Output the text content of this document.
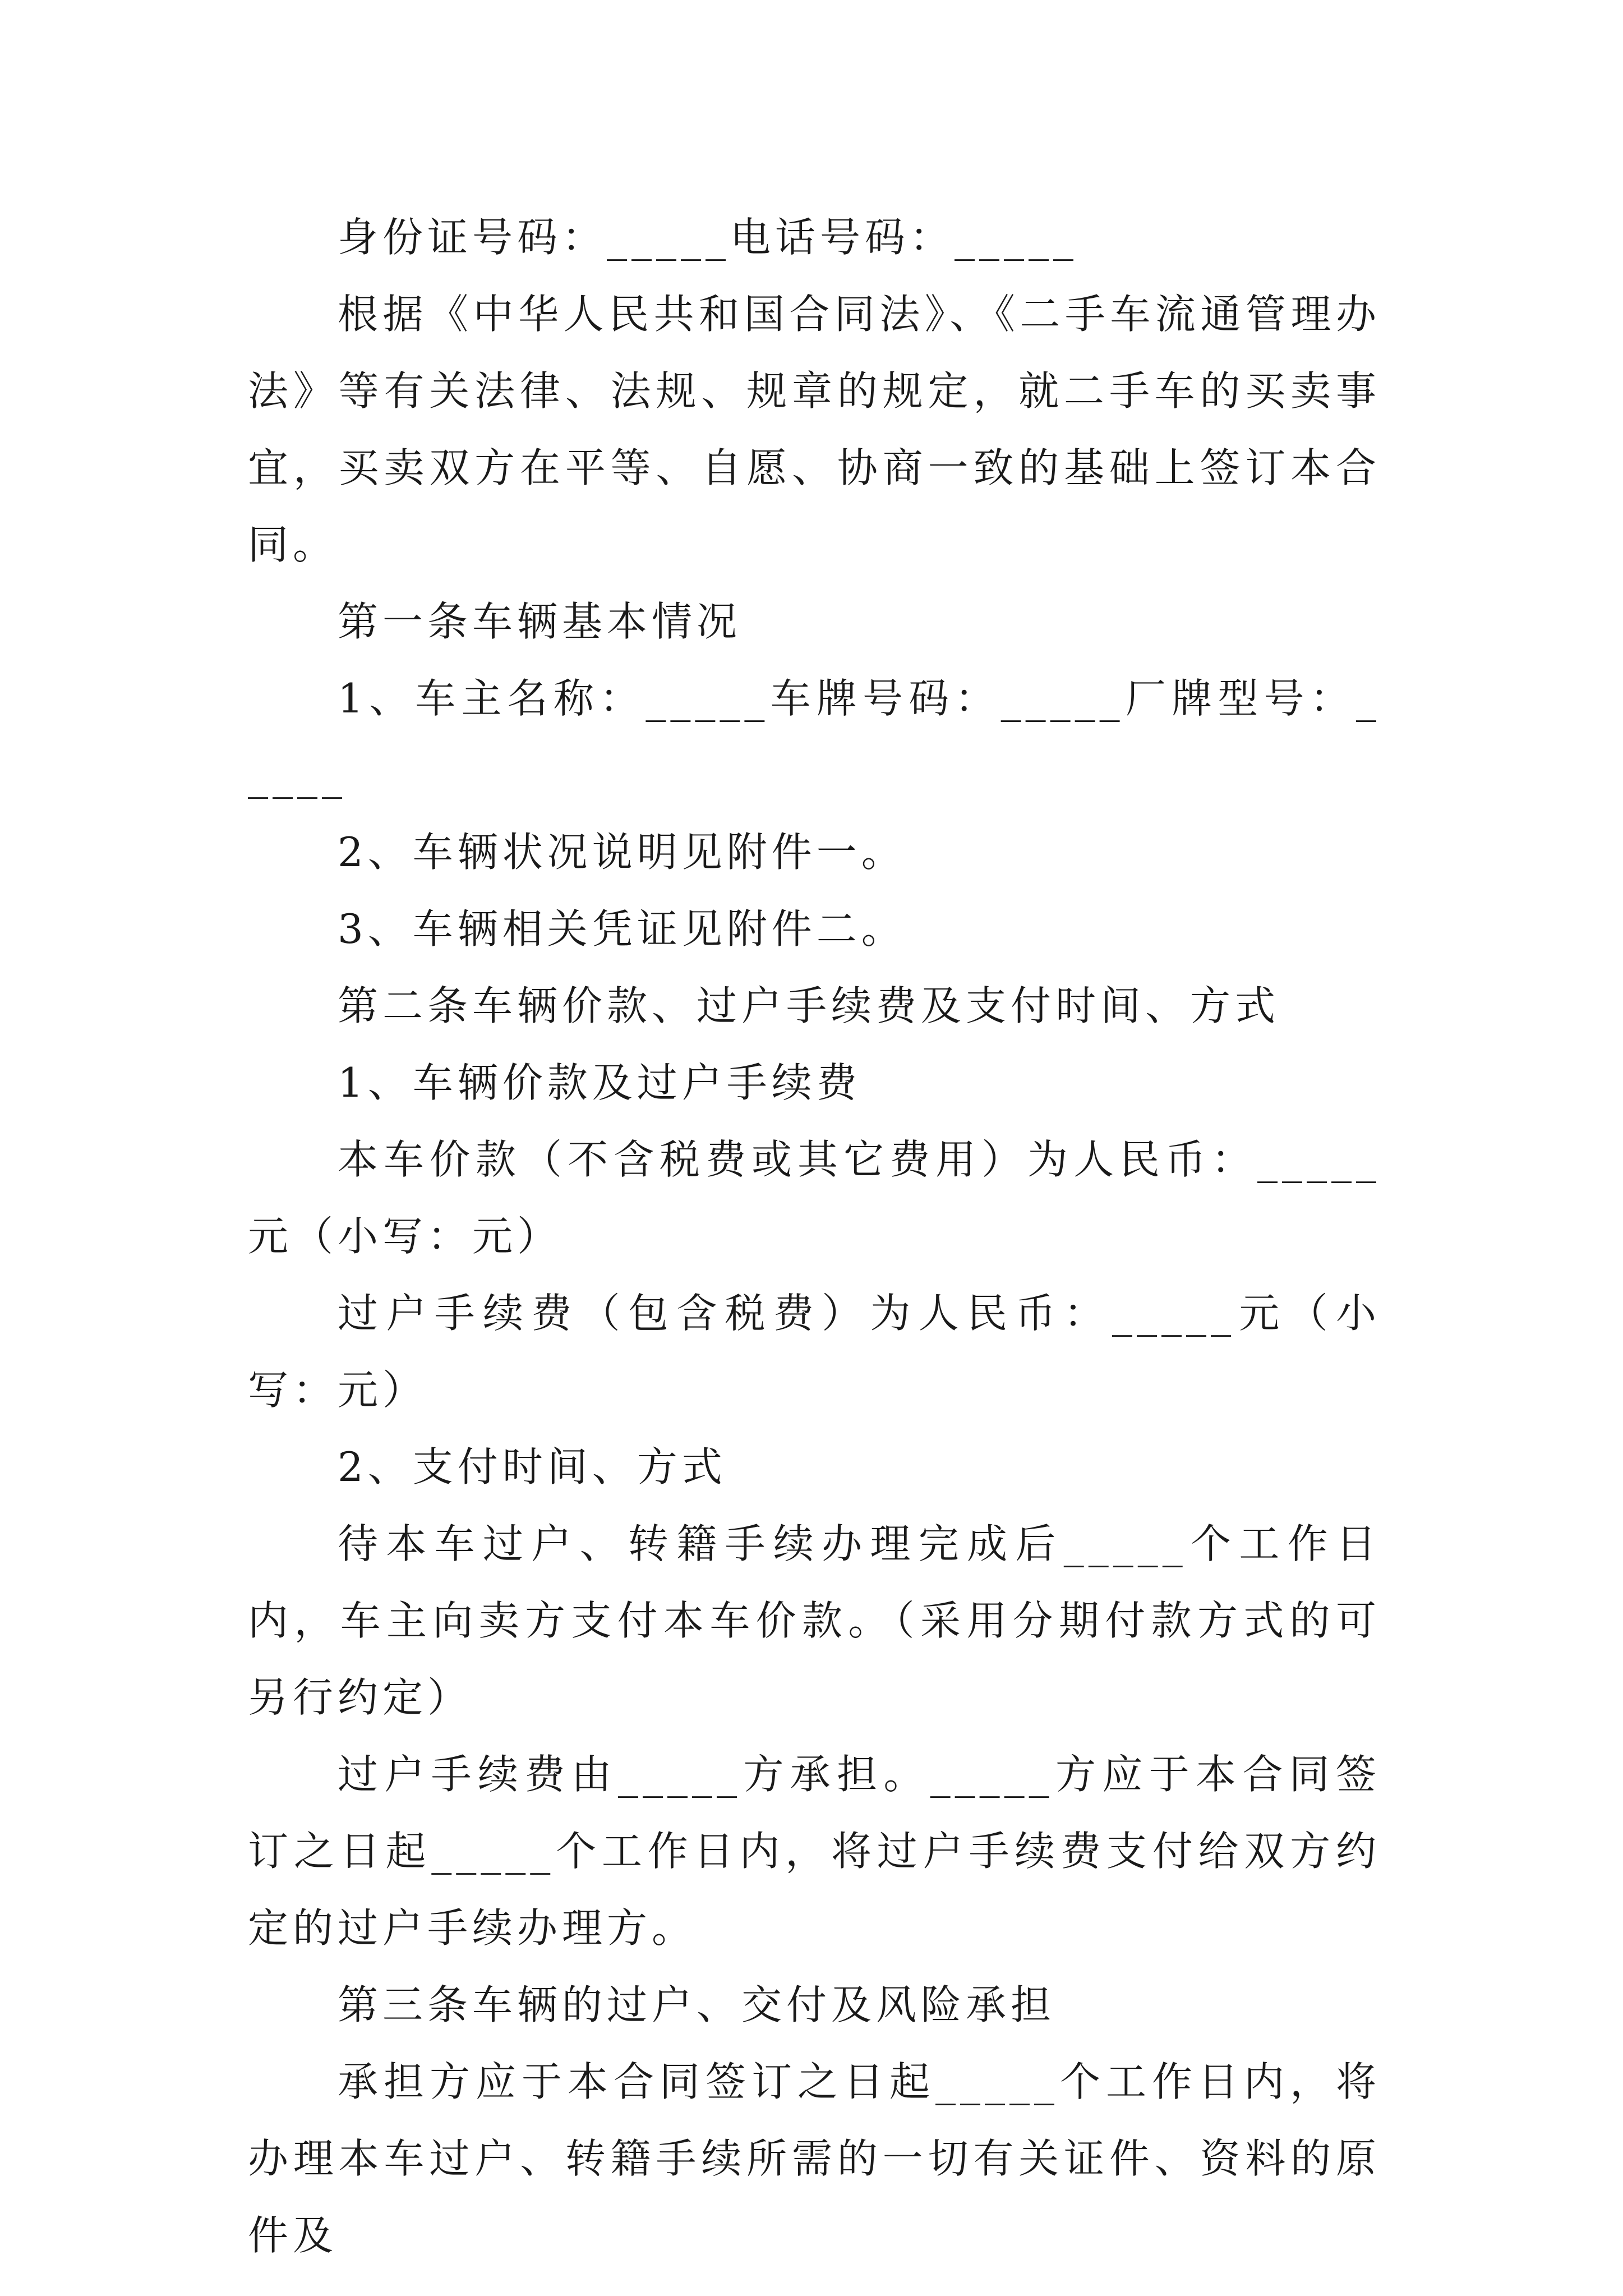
身份证号码：_____电话号码：_____

根据《中华人民共和国合同法》、《二手车流通管理办法》等有关法律、法规、规章的规定，就二手车的买卖事宜，买卖双方在平等、自愿、协商一致的基础上签订本合同。

第一条车辆基本情况

1、车主名称：_____车牌号码：_____厂牌型号：_____

2、车辆状况说明见附件一。

3、车辆相关凭证见附件二。

第二条车辆价款、过户手续费及支付时间、方式

1、车辆价款及过户手续费

本车价款（不含税费或其它费用）为人民币：_____元（小写：元）

过户手续费（包含税费）为人民币：_____元（小写：元）

2、支付时间、方式

待本车过户、转籍手续办理完成后_____个工作日内，车主向卖方支付本车价款。（采用分期付款方式的可另行约定）

过户手续费由_____方承担。_____方应于本合同签订之日起_____个工作日内，将过户手续费支付给双方约定的过户手续办理方。

第三条车辆的过户、交付及风险承担

承担方应于本合同签订之日起_____个工作日内，将办理本车过户、转籍手续所需的一切有关证件、资料的原件及
